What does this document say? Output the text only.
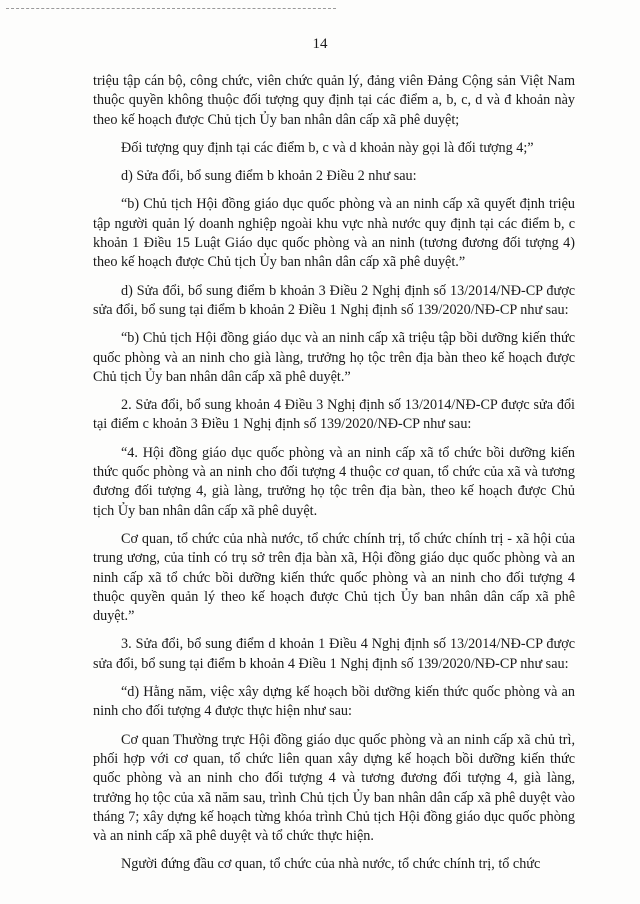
14

triệu tập cán bộ, công chức, viên chức quản lý, đảng viên Đảng Cộng sản Việt Nam thuộc quyền không thuộc đối tượng quy định tại các điểm a, b, c, d và đ khoản này theo kế hoạch được Chủ tịch Ủy ban nhân dân cấp xã phê duyệt;

Đối tượng quy định tại các điểm b, c và d khoản này gọi là đối tượng 4;”

d) Sửa đổi, bổ sung điểm b khoản 2 Điều 2 như sau:

“b) Chủ tịch Hội đồng giáo dục quốc phòng và an ninh cấp xã quyết định triệu tập người quản lý doanh nghiệp ngoài khu vực nhà nước quy định tại các điểm b, c khoản 1 Điều 15 Luật Giáo dục quốc phòng và an ninh (tương đương đối tượng 4) theo kế hoạch được Chủ tịch Ủy ban nhân dân cấp xã phê duyệt.”

d) Sửa đổi, bổ sung điểm b khoản 3 Điều 2 Nghị định số 13/2014/NĐ-CP được sửa đổi, bổ sung tại điểm b khoản 2 Điều 1 Nghị định số 139/2020/NĐ-CP như sau:

“b) Chủ tịch Hội đồng giáo dục và an ninh cấp xã triệu tập bồi dưỡng kiến thức quốc phòng và an ninh cho già làng, trưởng họ tộc trên địa bàn theo kế hoạch được Chủ tịch Ủy ban nhân dân cấp xã phê duyệt.”

2. Sửa đổi, bổ sung khoản 4 Điều 3 Nghị định số 13/2014/NĐ-CP được sửa đổi tại điểm c khoản 3 Điều 1 Nghị định số 139/2020/NĐ-CP như sau:

“4. Hội đồng giáo dục quốc phòng và an ninh cấp xã tổ chức bồi dưỡng kiến thức quốc phòng và an ninh cho đối tượng 4 thuộc cơ quan, tổ chức của xã và tương đương đối tượng 4, già làng, trưởng họ tộc trên địa bàn, theo kế hoạch được Chủ tịch Ủy ban nhân dân cấp xã phê duyệt.

Cơ quan, tổ chức của nhà nước, tổ chức chính trị, tổ chức chính trị - xã hội của trung ương, của tỉnh có trụ sở trên địa bàn xã, Hội đồng giáo dục quốc phòng và an ninh cấp xã tổ chức bồi dưỡng kiến thức quốc phòng và an ninh cho đối tượng 4 thuộc quyền quản lý theo kế hoạch được Chủ tịch Ủy ban nhân dân cấp xã phê duyệt.”

3. Sửa đổi, bổ sung điểm d khoản 1 Điều 4 Nghị định số 13/2014/NĐ-CP được sửa đổi, bổ sung tại điểm b khoản 4 Điều 1 Nghị định số 139/2020/NĐ-CP như sau:

“d) Hằng năm, việc xây dựng kế hoạch bồi dưỡng kiến thức quốc phòng và an ninh cho đối tượng 4 được thực hiện như sau:

Cơ quan Thường trực Hội đồng giáo dục quốc phòng và an ninh cấp xã chủ trì, phối hợp với cơ quan, tổ chức liên quan xây dựng kế hoạch bồi dưỡng kiến thức quốc phòng và an ninh cho đối tượng 4 và tương đương đối tượng 4, già làng, trưởng họ tộc của xã năm sau, trình Chủ tịch Ủy ban nhân dân cấp xã phê duyệt vào tháng 7; xây dựng kế hoạch từng khóa trình Chủ tịch Hội đồng giáo dục quốc phòng và an ninh cấp xã phê duyệt và tổ chức thực hiện.

Người đứng đầu cơ quan, tổ chức của nhà nước, tổ chức chính trị, tổ chức
